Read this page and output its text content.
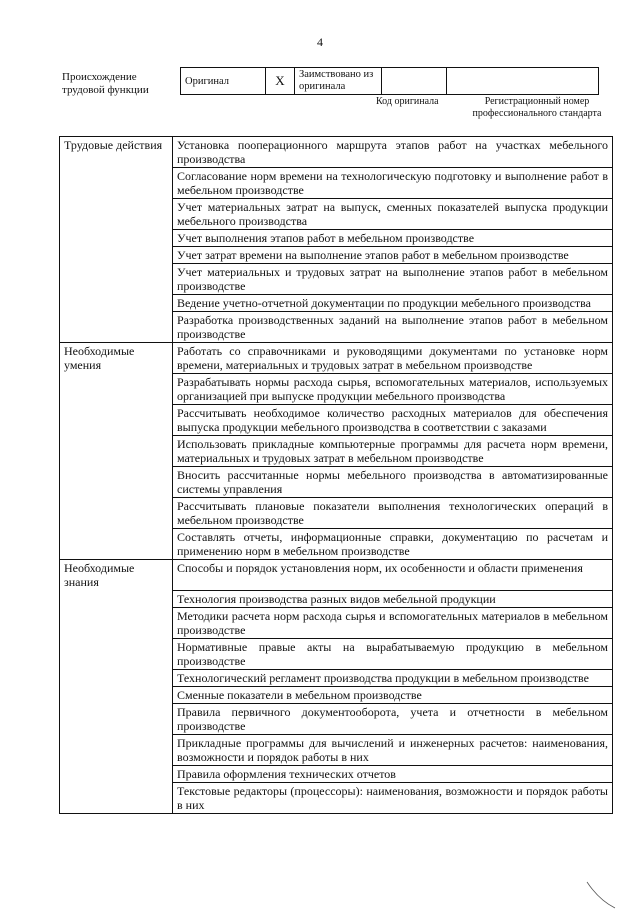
4
Происхождение трудовой функции
Оригинал	X	Заимствовано из оригинала		
Код оригинала	Регистрационный номер профессионального стандарта
Трудовые действия	Установка пооперационного маршрута этапов работ на участках мебельного производства
	Согласование норм времени на технологическую подготовку и выполнение работ в мебельном производстве
	Учет материальных затрат на выпуск, сменных показателей выпуска продукции мебельного производства
	Учет выполнения этапов работ в мебельном производстве
	Учет затрат времени на выполнение этапов работ в мебельном производстве
	Учет материальных и трудовых затрат на выполнение этапов работ в мебельном производстве
	Ведение учетно-отчетной документации по продукции мебельного производства
	Разработка производственных заданий на выполнение этапов работ в мебельном производстве
Необходимые умения	Работать со справочниками и руководящими документами по установке норм времени, материальных и трудовых затрат в мебельном производстве
	Разрабатывать нормы расхода сырья, вспомогательных материалов, используемых организацией при выпуске продукции мебельного производства
	Рассчитывать необходимое количество расходных материалов для обеспечения выпуска продукции мебельного производства в соответствии с заказами
	Использовать прикладные компьютерные программы для расчета норм времени, материальных и трудовых затрат в мебельном производстве
	Вносить рассчитанные нормы мебельного производства в автоматизированные системы управления
	Рассчитывать плановые показатели выполнения технологических операций в мебельном производстве
	Составлять отчеты, информационные справки, документацию по расчетам и применению норм в мебельном производстве
Необходимые знания	Способы и порядок установления норм, их особенности и области применения
	Технология производства разных видов мебельной продукции
	Методики расчета норм расхода сырья и вспомогательных материалов в мебельном производстве
	Нормативные правые акты на вырабатываемую продукцию в мебельном производстве
	Технологический регламент производства продукции в мебельном производстве
	Сменные показатели в мебельном производстве
	Правила первичного документооборота, учета и отчетности в мебельном производстве
	Прикладные программы для вычислений и инженерных расчетов: наименования, возможности и порядок работы в них
	Правила оформления технических отчетов
	Текстовые редакторы (процессоры): наименования, возможности и порядок работы в них
